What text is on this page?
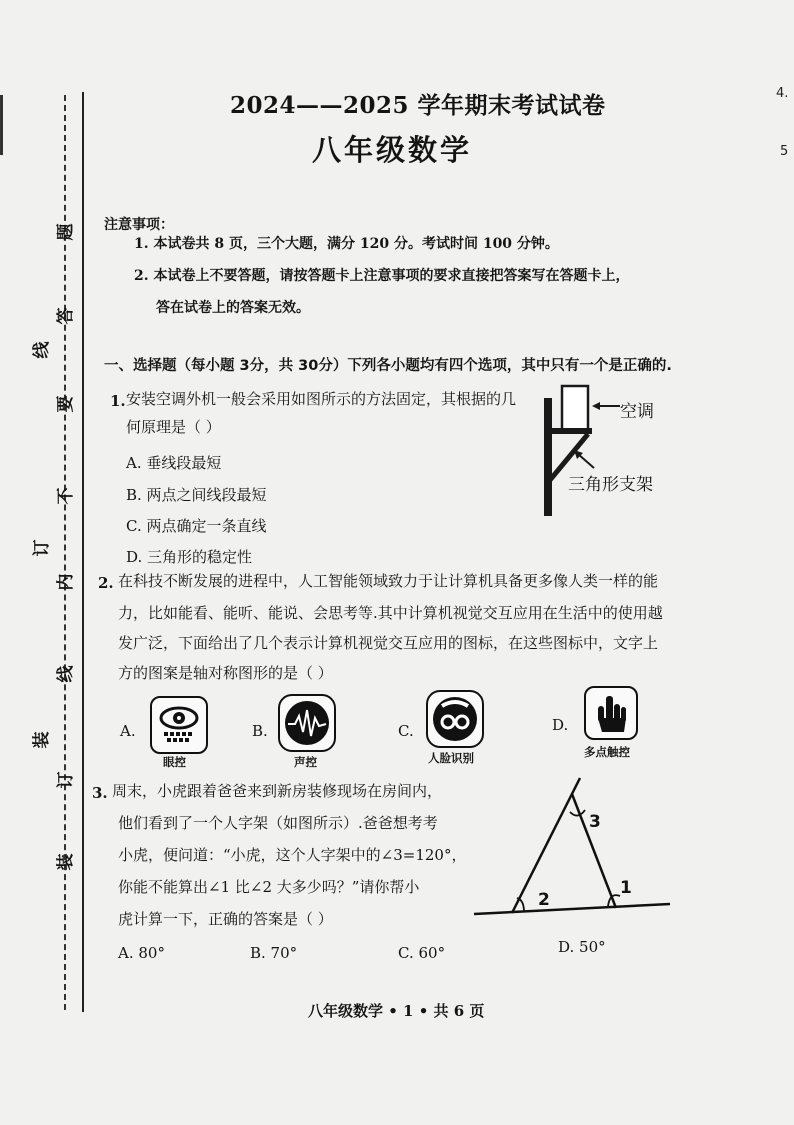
题
答
线
要
不
订
内
线
装
订
装
4.
5
2024——2025 学年期末考试试卷
八年级数学
注意事项：
1. 本试卷共 8 页，三个大题，满分 120 分。考试时间 100 分钟。
2. 本试卷上不要答题，请按答题卡上注意事项的要求直接把答案写在答题卡上，
答在试卷上的答案无效。
一、选择题（每小题 3分，共 30分）下列各小题均有四个选项，其中只有一个是正确的.
1. 安装空调外机一般会采用如图所示的方法固定，其根据的几
何原理是（ ）
A. 垂线段最短
B. 两点之间线段最短
C. 两点确定一条直线
D. 三角形的稳定性
空调
三角形支架
2. 在科技不断发展的进程中，人工智能领域致力于让计算机具备更多像人类一样的能
力，比如能看、能听、能说、会思考等.其中计算机视觉交互应用在生活中的使用越
发广泛，下面给出了几个表示计算机视觉交互应用的图标，在这些图标中，文字上
方的图案是轴对称图形的是（ ）
A.
眼控
B.
声控
C.
人脸识别
D.
多点触控
3. 周末，小虎跟着爸爸来到新房装修现场在房间内，
他们看到了一个人字架（如图所示）.爸爸想考考
小虎，便问道：“小虎，这个人字架中的∠3=120°，
你能不能算出∠1 比∠2 大多少吗？”请你帮小
虎计算一下，正确的答案是（ ）
3
2
1
A. 80°	B. 70°	C. 60°	D. 50°
八年级数学 • 1 • 共 6 页
